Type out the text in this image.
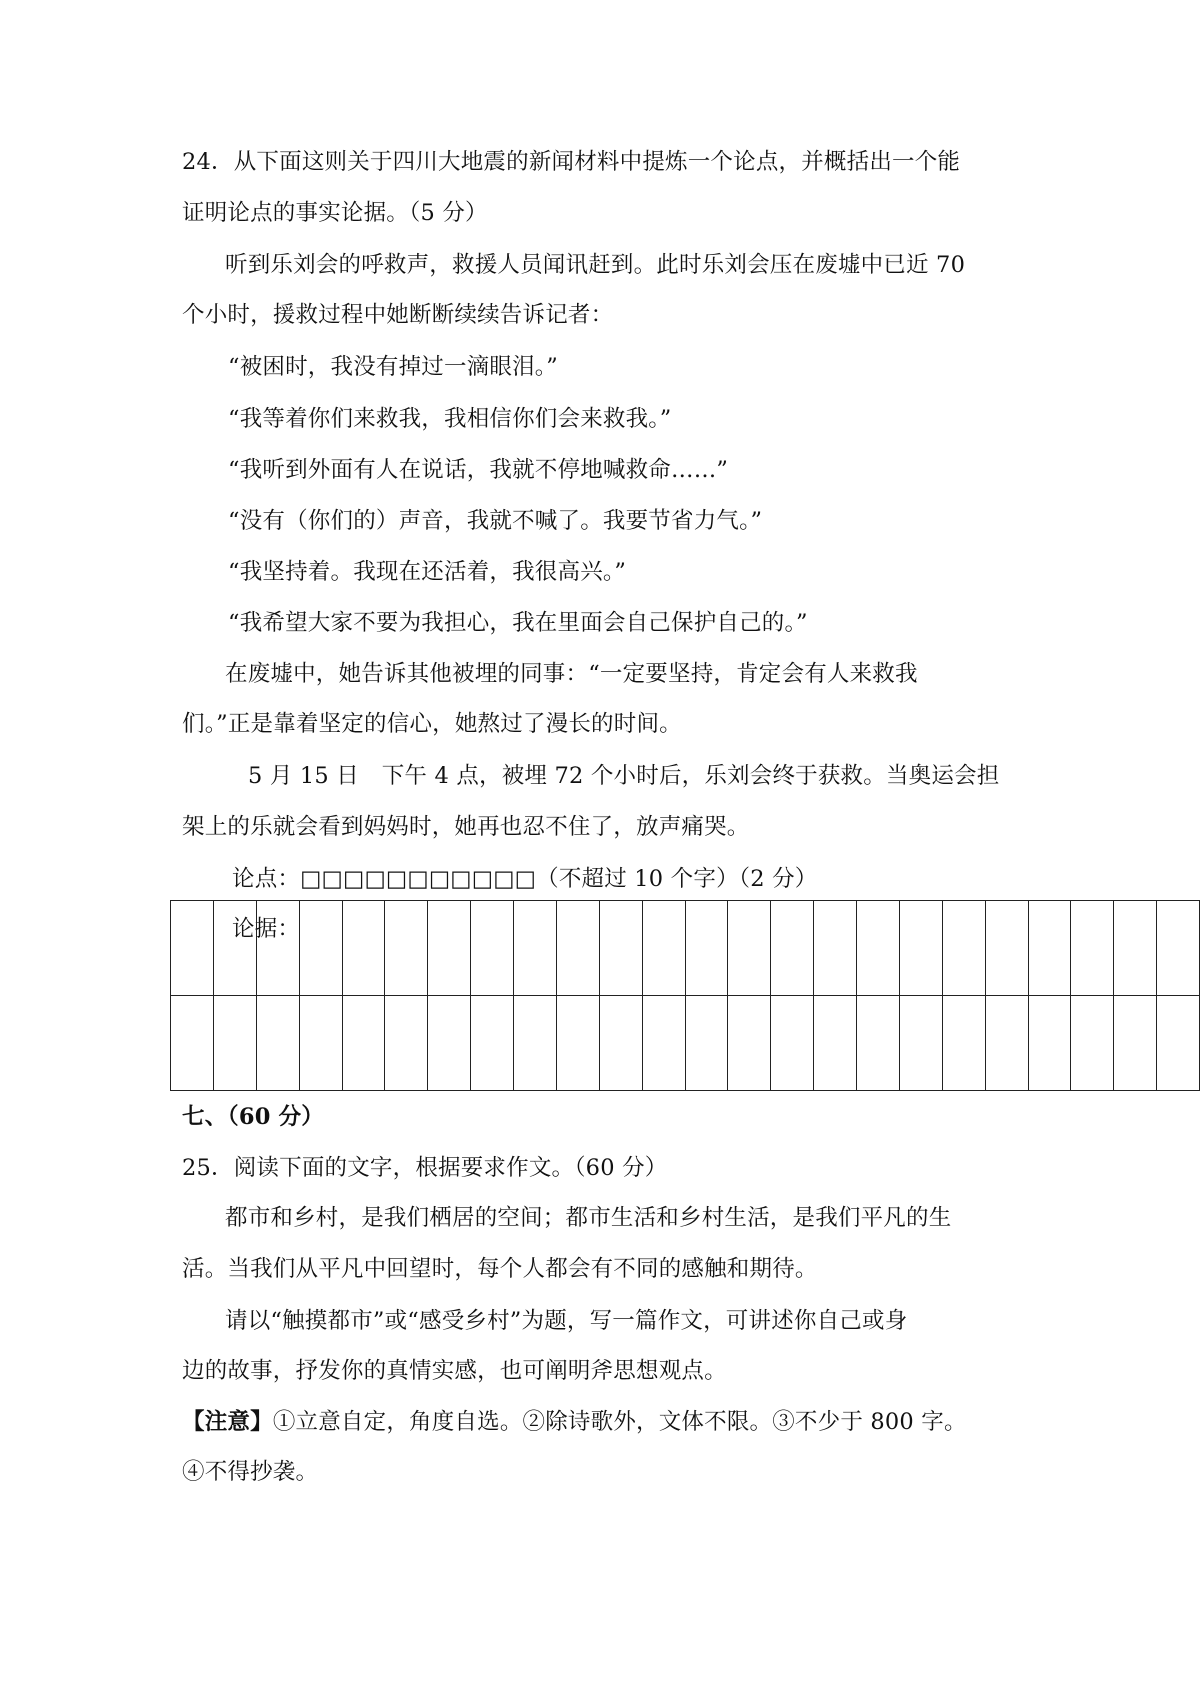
24．从下面这则关于四川大地震的新闻材料中提炼一个论点，并概括出一个能
证明论点的事实论据。（5 分）
听到乐刘会的呼救声，救援人员闻讯赶到。此时乐刘会压在废墟中已近 70
个小时，援救过程中她断断续续告诉记者：
“被困时，我没有掉过一滴眼泪。”
“我等着你们来救我，我相信你们会来救我。”
“我听到外面有人在说话，我就不停地喊救命……”
“没有（你们的）声音，我就不喊了。我要节省力气。”
“我坚持着。我现在还活着，我很高兴。”
“我希望大家不要为我担心，我在里面会自己保护自己的。”
在废墟中，她告诉其他被埋的同事：“一定要坚持，肯定会有人来救我
们。”正是靠着坚定的信心，她熬过了漫长的时间。
5 月 15 日　下午 4 点，被埋 72 个小时后，乐刘会终于获救。当奥运会担
架上的乐就会看到妈妈时，她再也忍不住了，放声痛哭。
论点：□□□□□□□□□□□（不超过 10 个字）（2 分）
论据：

七、（60 分）
25．阅读下面的文字，根据要求作文。（60 分）
都市和乡村，是我们栖居的空间；都市生活和乡村生活，是我们平凡的生
活。当我们从平凡中回望时，每个人都会有不同的感触和期待。
请以“触摸都市”或“感受乡村”为题，写一篇作文，可讲述你自己或身
边的故事，抒发你的真情实感，也可阐明斧思想观点。
【注意】①立意自定，角度自选。②除诗歌外，文体不限。③不少于 800 字。
④不得抄袭。
